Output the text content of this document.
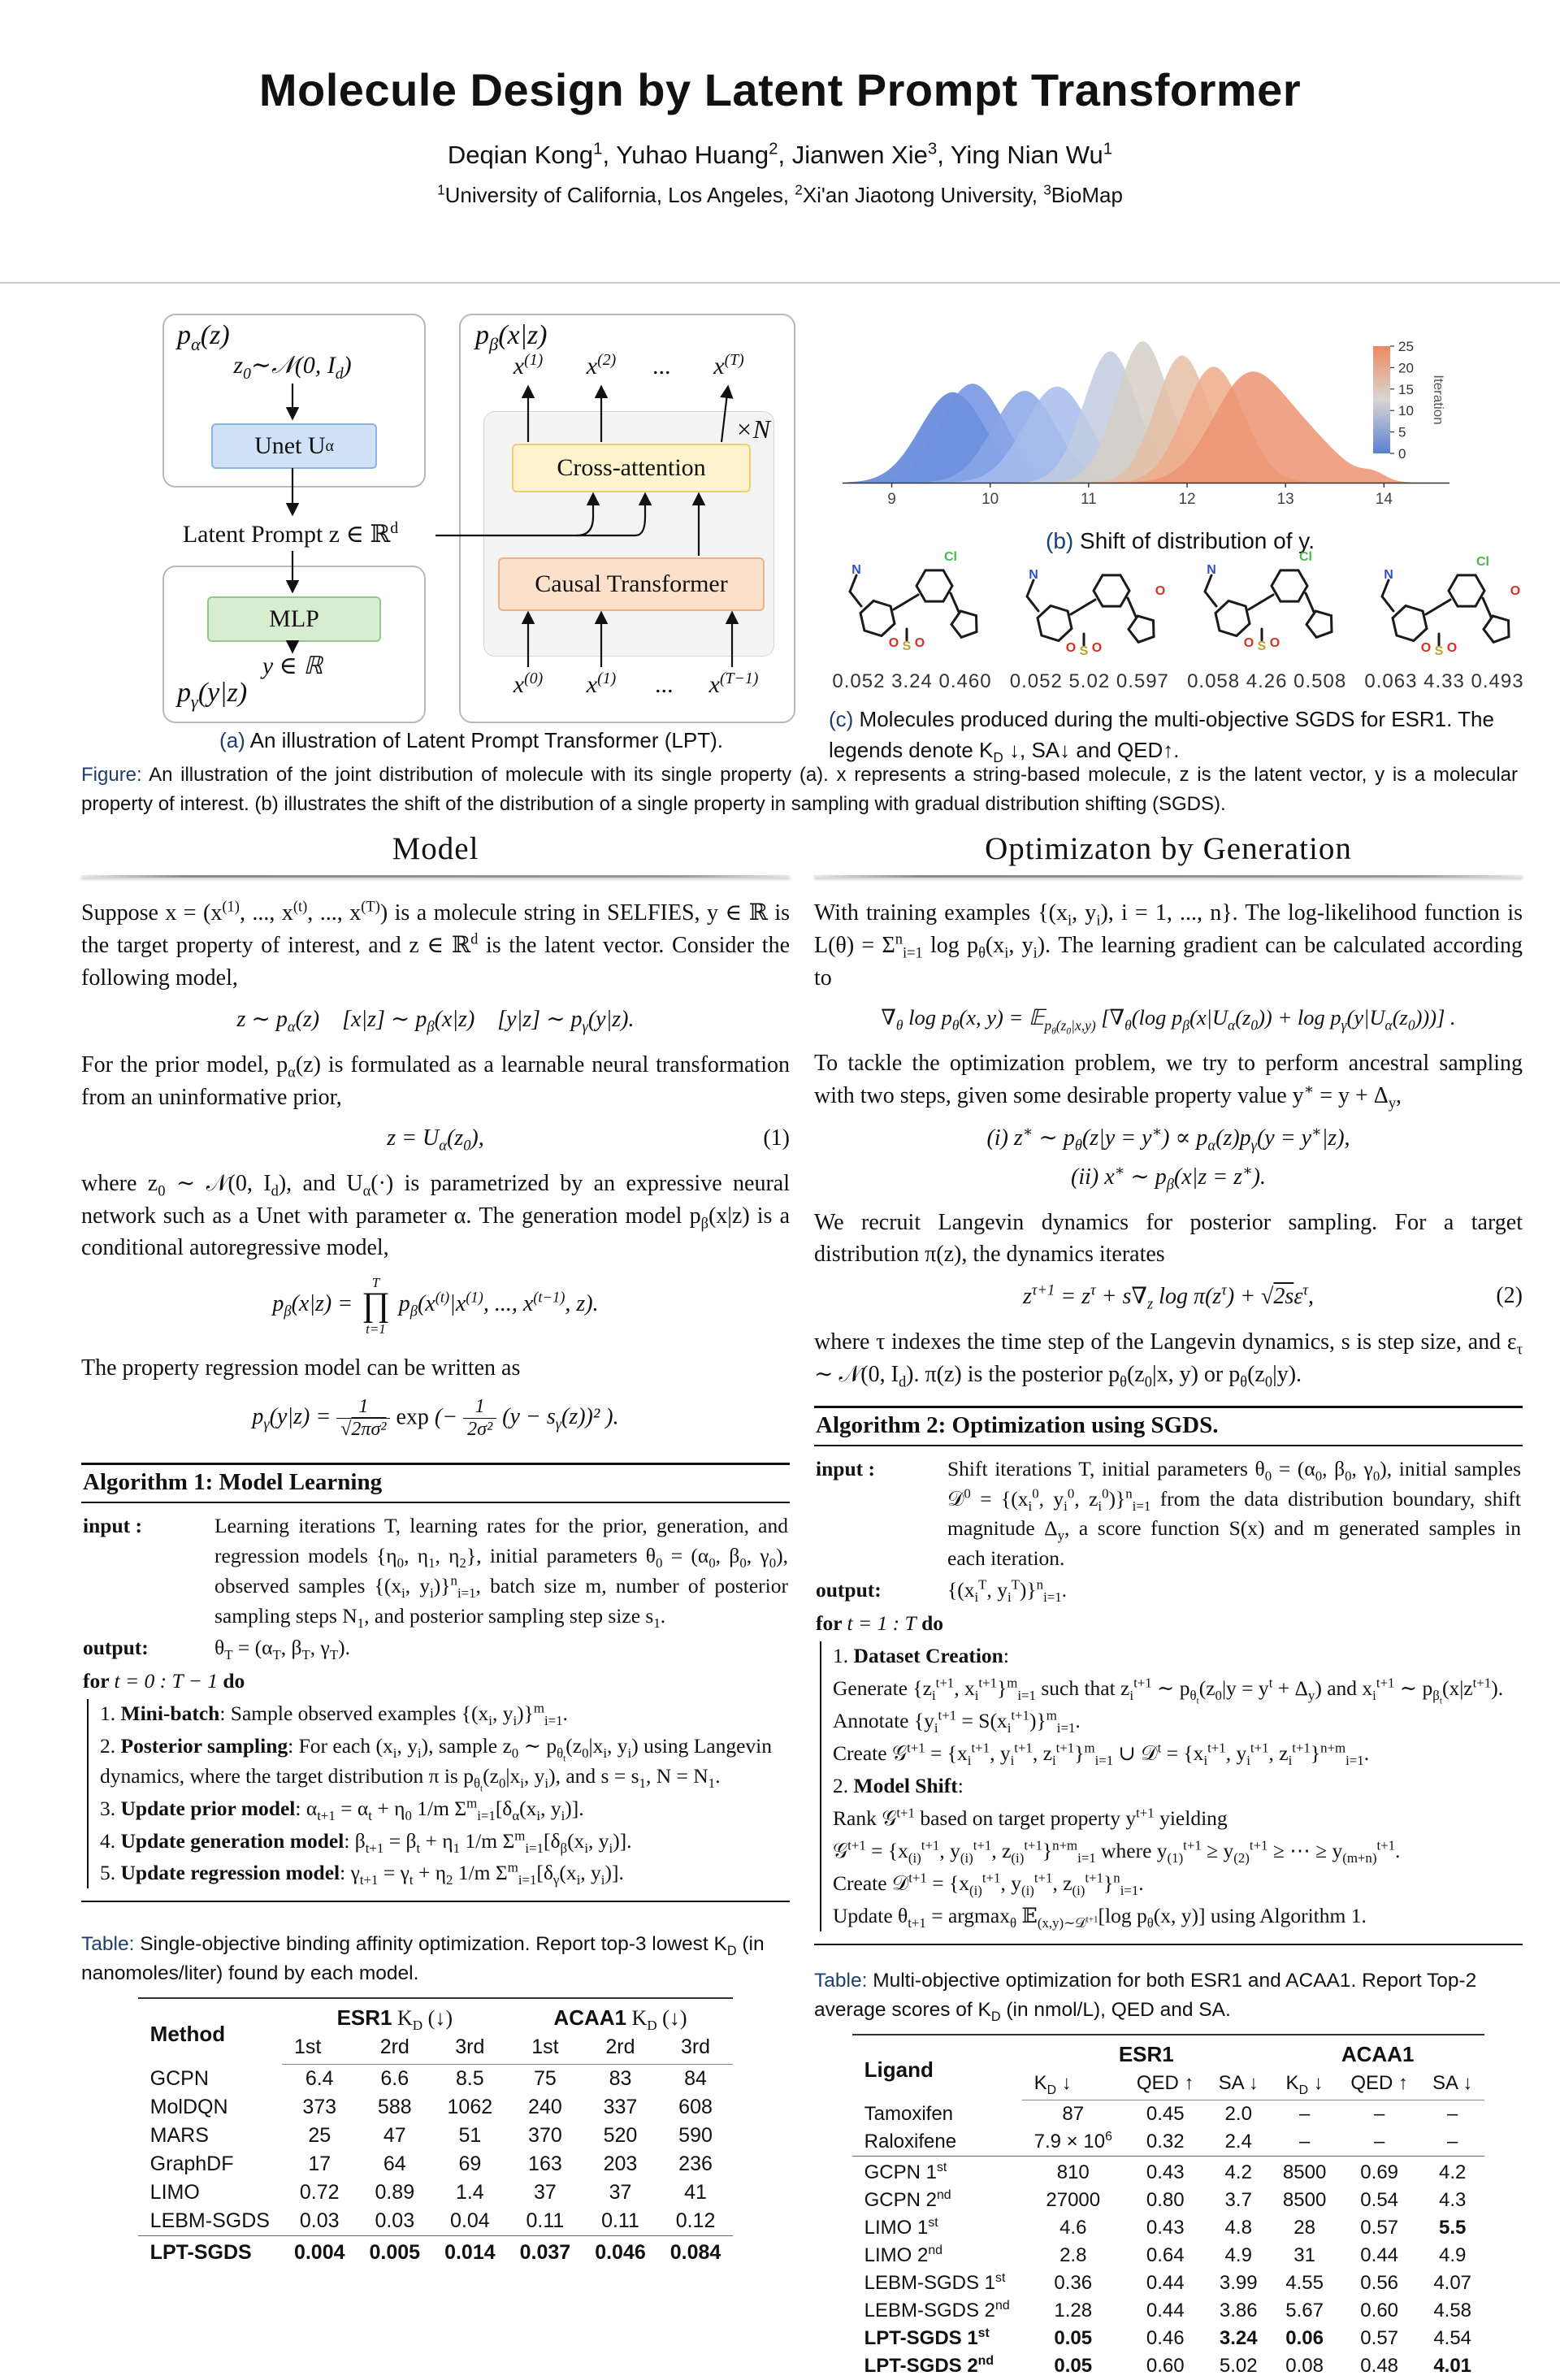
Molecule Design by Latent Prompt Transformer
Deqian Kong$^1$, Yuhao Huang$^2$, Jianwen Xie$^3$, Ying Nian Wu$^1$
$^1$University of California, Los Angeles, $^2$Xi'an Jiaotong University, $^3$BioMap
$p_\alpha(z)$
$z_0\sim 𝒩(0$, $I_d$)
Unet U α
Latent Prompt z ∈ ℝ$^d$
MLP
y ∈ ℝ
$p_\gamma(y|z)$
$p_\beta(x|z)$
$x^{(1)}$ $x^{(2)}$ ... $x^{(T)}$
×N
Cross-attention
Causal Transformer
$x^{(0)}$ $x^{(1)}$ ... $x^{(T-1)}$
(a) An illustration of Latent Prompt Transformer (LPT).
9	10	11	12	13	14
0
5
10
15
20
25
Iteration
(b) Shift of distribution of y.
N
S
O O
Cl
0.052 3.24 0.460
N
S
O O
O
0.052 5.02 0.597
N
S
O O
Cl
0.058 4.26 0.508
N
S
O O
Cl
O
0.063 4.33 0.493
(c) Molecules produced during the multi-objective SGDS for ESR1. The legends denote $K_D$ ↓, SA↓ and QED↑.
Figure: An illustration of the joint distribution of molecule with its single property (a). x represents a string-based molecule, z is the latent vector, y is a molecular property of interest. (b) illustrates the shift of the distribution of a single property in sampling with gradual distribution shifting (SGDS).
Model

Suppose $x = (x^{(1)}$, ..., $x^{(t)}$, ..., $x^{(T)}$) is a molecule string in SELFIES, y ∈ ℝ is the target property of interest, and z ∈ ℝ$^d$ is the latent vector. Consider the following model,

z ∼ $p_\alpha(z)$ [x|z] ∼ $p_\beta(x|z)$ [y|z] ∼ $p_\gamma(y|z)$.

For the prior model, $p_\alpha(z)$ is formulated as a learnable neural transformation from an uninformative prior,

$z = U_\alpha(z_0)$,	(1)

where $z_0$ ∼ 𝒩(0, $I_d$), and $U_\alpha(\cdot)$ is parametrized by an expressive neural network such as a Unet with parameter α. The generation model $p_\beta(x|z)$ is a conditional autoregressive model,

$p_\beta(x|z)$ =
T
∏
t=1
$p_\beta(x^{(t)}|x^{(1)}$, ..., $x^{(t-1)}$, z).

The property regression model can be written as

$p_\gamma(y|z) = \frac{1}{\text{√2πσ²}}$ exp (− $\frac{1}{\text{2σ²}} (y - s_\gamma(z))^2$ ).
Algorithm 1: Model Learning
input :	Learning iterations T, learning rates for the prior, generation, and regression models {$\eta_0$, $\eta_1$, $\eta_2$}, initial parameters $\theta_0 = (\alpha_0$, $\beta_0$, $\gamma_0$), observed samples {($x_i$, $y_i)\}^n_{i=1}$, batch size m, number of posterior sampling steps $N_1$, and posterior sampling step size $s_1$.
output:	$\theta_T = (\alpha_T$, $\beta_T$, $\gamma_T$).
for t = 0 : T − 1 do
1. Mini-batch: Sample observed examples {($x_i$, $y_i)\}^m_{i=1}$.
2. Posterior sampling: For each ($x_i$, $y_i$), sample $z_0$ ∼ $p_{\theta_t}(z_0|x_i$, $y_i$) using Langevin dynamics, where the target distribution π is $p_{\theta_t}(z_0|x_i$, $y_i$), and $s = s_1$, $N = N_1$.
3. Update prior model: $\alpha_{t+1} = \alpha_t + \eta_0$ 1/m $\Sigma^m_{i=1}[\delta_\alpha(x_i$, $y_i$)].
4. Update generation model: $\beta_{t+1} = \beta_t + \eta_1$ 1/m $\Sigma^m_{i=1}[\delta_\beta(x_i$, $y_i$)].
5. Update regression model: $\gamma_{t+1} = \gamma_t + \eta_2$ 1/m $\Sigma^m_{i=1}[\delta_\gamma(x_i$, $y_i$)].
Table: Single-objective binding affinity optimization. Report top-3 lowest $K_D$ (in nanomoles/liter) found by each model.
Method	ESR1 $K_D$ (↓)			ACAA1 $K_D$ (↓)		
	1st	2rd	3rd	1st	2rd	3rd
GCPN	6.4	6.6	8.5	75	83	84
MolDQN	373	588	1062	240	337	608
MARS	25	47	51	370	520	590
GraphDF	17	64	69	163	203	236
LIMO	0.72	0.89	1.4	37	37	41
LEBM-SGDS	0.03	0.03	0.04	0.11	0.11	0.12
LPT-SGDS	0.004	0.005	0.014	0.037	0.046	0.084
Optimizaton by Generation

With training examples {($x_i$, $y_i$), i = 1, ..., n}. The log-likelihood function is $L(\theta) = \Sigma^n_{i=1}$ $\log p_\theta(x_i$, $y_i$). The learning gradient can be calculated according to

$\nabla_\theta$ $\log p_\theta(x$, y) = 𝔼$_{p_\theta(z_0|x,y)}$ [$\nabla_\theta(\log$ $p_\beta(x|U_\alpha(z_0)) + \log p_\gamma(y|U_\alpha(z_0))$)] .

To tackle the optimization problem, we try to perform ancestral sampling with two steps, given some desirable property value $y^∗ = y + \Delta_y$,

(i) z∗ ∼ $p_\theta(z|y = y^∗) \propto p_\alpha(z)p_\gamma(y = y^∗|z)$,
(ii) x∗ ∼ $p_\beta(x|z = z^∗)$.

We recruit Langevin dynamics for posterior sampling. For a target distribution π(z), the dynamics iterates

$z^{\tau+1} = z^\tau + s\nabla_z$ $\log \pi(z^\tau) + √2s\varepsilon^\tau$,	(2)

where τ indexes the time step of the Langevin dynamics, s is step size, and $\varepsilon_\tau$ ∼ 𝒩(0, $I_d$). π(z) is the posterior $p_\theta(z_0|x$, y) or $p_\theta(z_0|y)$.

Algorithm 2: Optimization using SGDS.
input :	Shift iterations T, initial parameters $\theta_0 = (\alpha_0$, $\beta_0$, $\gamma_0$), initial samples 𝒟$^0$ = {($x_i^0$, $y_i^0$, $z_i^0)\}^n_{i=1}$ from the data distribution boundary, shift magnitude $\Delta_y$, a score function S(x) and m generated samples in each iteration.
output:	{($x_i^T$, $y_i^T)\}^n_{i=1}$.
for t = 1 : T do
1. Dataset Creation:
Generate {$z_i^{t+1}$, $x_i^{t+1}\}^m_{i=1}$ such that $z_i^{t+1}$ ∼ $p_{\theta_t}(z_0|y = y^t + \Delta_y)$ and $x_i^{t+1}$ ∼ $p_{\beta_t}(x|z^{t+1})$.
Annotate $\{y_i^{t+1} = S(x_i^{t+1})\}^m_{i=1}$.
Create 𝒢$^{t+1}$ = {$x_i^{t+1}$, $y_i^{t+1}$, $z_i^{t+1}\}^m_{i=1}$ ∪ 𝒟$^t$ = {$x_i^{t+1}$, $y_i^{t+1}$, $z_i^{t+1}\}^{n+m}_{i=1}$.
2. Model Shift:
Rank 𝒢$^{t+1}$ based on target property $y^{t+1}$ yielding
𝒢$^{t+1}$ = {$x_{(i)}^{t+1}$, $y_{(i)}^{t+1}$, $z_{(i)}^{t+1}\}^{n+m}_{i=1}$ where $y_{(1)}^{t+1} \ge y_{(2)}^{t+1}$ ≥ ⋯ ≥ $y_{(m+n)}^{t+1}$.
Create 𝒟$^{t+1}$ = {$x_{(i)}^{t+1}$, $y_{(i)}^{t+1}$, $z_{(i)}^{t+1}\}^n_{i=1}$.
Update $\theta_{t+1} = argmax_\theta$ 𝔼$_{(x,y)\sim 𝒟^{t+1}}$[log $p_\theta(x$, y)] using Algorithm 1.
Table: Multi-objective optimization for both ESR1 and ACAA1. Report Top-2 average scores of $K_D$ (in nmol/L), QED and SA.
Ligand	ESR1			ACAA1		
	$K_D$ ↓	QED ↑	SA ↓	$K_D$ ↓	QED ↑	SA ↓
Tamoxifen	87	0.45	2.0	–	–	–
Raloxifene	$7.9 \times 10^6$	0.32	2.4	–	–	–
GCPN 1st	810	0.43	4.2	8500	0.69	4.2
GCPN 2nd	27000	0.80	3.7	8500	0.54	4.3
LIMO 1st	4.6	0.43	4.8	28	0.57	5.5
LIMO 2nd	2.8	0.64	4.9	31	0.44	4.9
LEBM-SGDS 1st	0.36	0.44	3.99	4.55	0.56	4.07
LEBM-SGDS 2nd	1.28	0.44	3.86	5.67	0.60	4.58
LPT-SGDS 1st	0.05	0.46	3.24	0.06	0.57	4.54
LPT-SGDS 2nd	0.05	0.60	5.02	0.08	0.48	4.01
